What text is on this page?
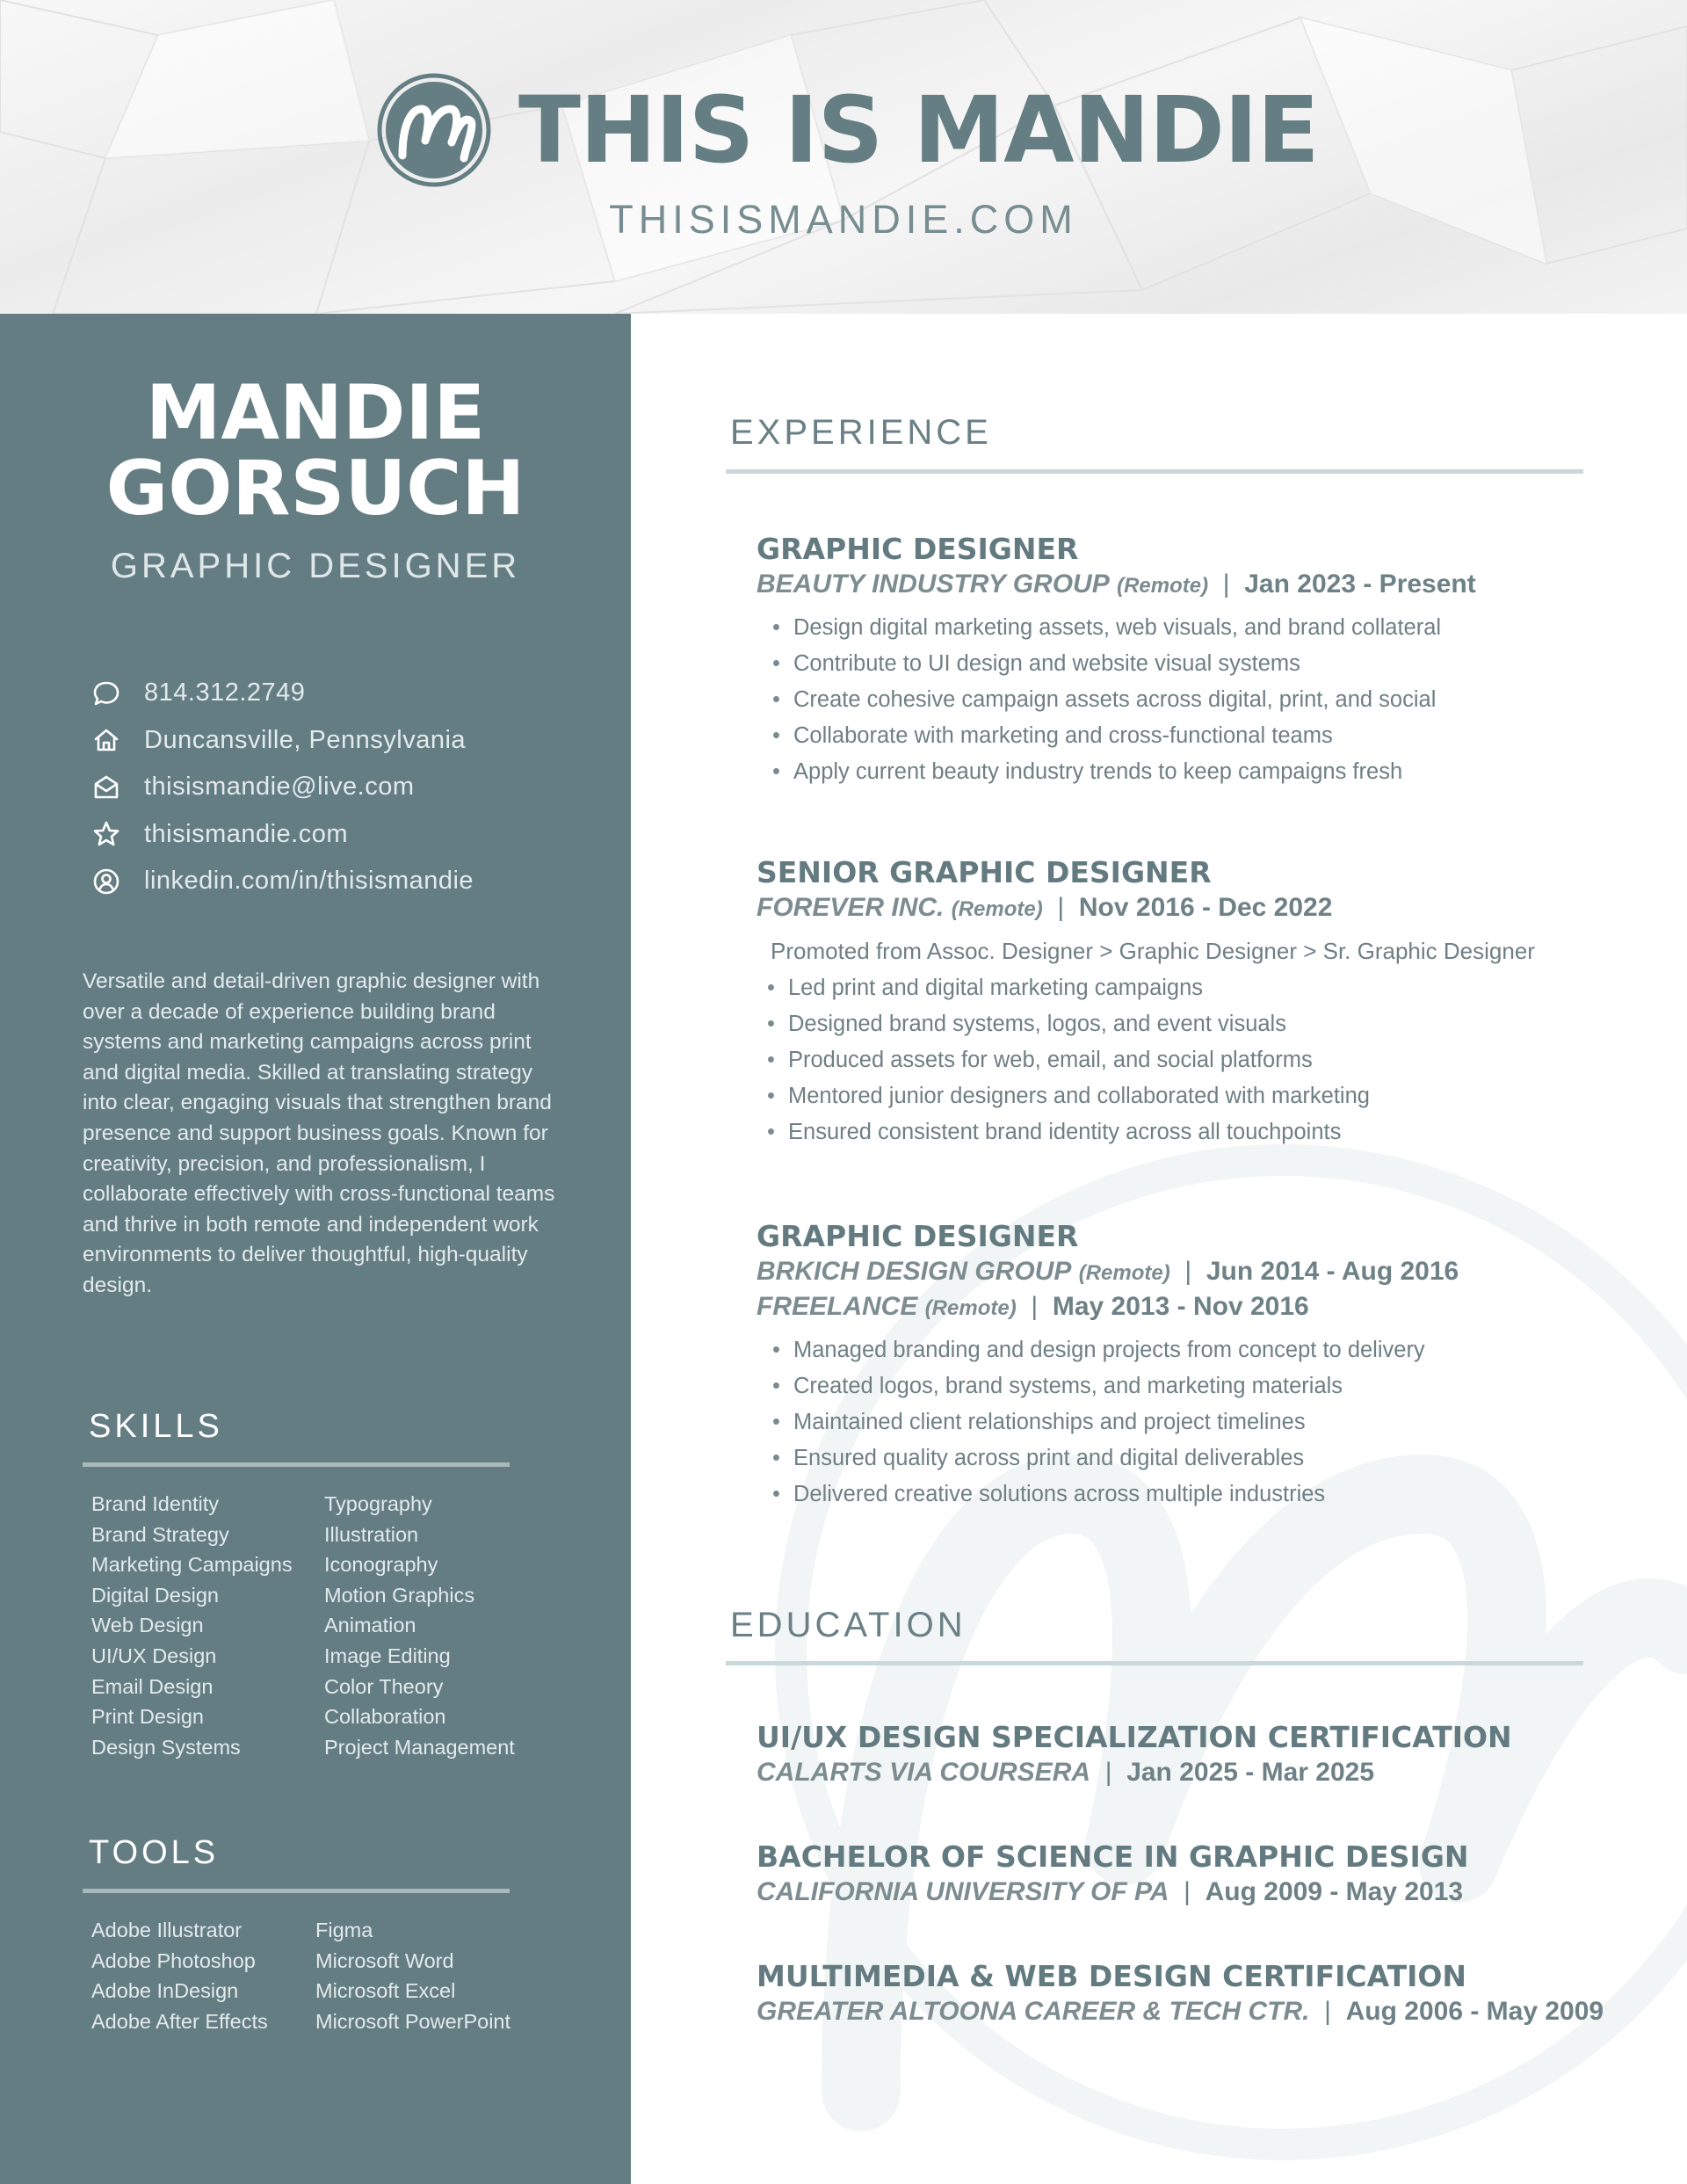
THIS IS MANDIE
THISISMANDIE.COM
MANDIE
GORSUCH
GRAPHIC DESIGNER
814.312.2749
Duncansville, Pennsylvania
thisismandie@live.com
thisismandie.com
linkedin.com/in/thisismandie
Versatile and detail-driven graphic designer with over a decade of experience building brand systems and marketing campaigns across print and digital media. Skilled at translating strategy into clear, engaging visuals that strengthen brand presence and support business goals. Known for creativity, precision, and professionalism, I collaborate effectively with cross-functional teams and thrive in both remote and independent work environments to deliver thoughtful, high-quality design.
SKILLS
Brand Identity
Brand Strategy
Marketing Campaigns
Digital Design
Web Design
UI/UX Design
Email Design
Print Design
Design Systems
Typography
Illustration
Iconography
Motion Graphics
Animation
Image Editing
Color Theory
Collaboration
Project Management
TOOLS
Adobe Illustrator
Adobe Photoshop
Adobe InDesign
Adobe After Effects
Figma
Microsoft Word
Microsoft Excel
Microsoft PowerPoint
EXPERIENCE
GRAPHIC DESIGNER
BEAUTY INDUSTRY GROUP (Remote)  |  Jan 2023 - Present
• Design digital marketing assets, web visuals, and brand collateral
• Contribute to UI design and website visual systems
• Create cohesive campaign assets across digital, print, and social
• Collaborate with marketing and cross-functional teams
• Apply current beauty industry trends to keep campaigns fresh
SENIOR GRAPHIC DESIGNER
FOREVER INC. (Remote)  |  Nov 2016 - Dec 2022
Promoted from Assoc. Designer > Graphic Designer > Sr. Graphic Designer
• Led print and digital marketing campaigns
• Designed brand systems, logos, and event visuals
• Produced assets for web, email, and social platforms
• Mentored junior designers and collaborated with marketing
• Ensured consistent brand identity across all touchpoints
GRAPHIC DESIGNER
BRKICH DESIGN GROUP (Remote)  |  Jun 2014 - Aug 2016
FREELANCE (Remote)  |  May 2013 - Nov 2016
• Managed branding and design projects from concept to delivery
• Created logos, brand systems, and marketing materials
• Maintained client relationships and project timelines
• Ensured quality across print and digital deliverables
• Delivered creative solutions across multiple industries
EDUCATION
UI/UX DESIGN SPECIALIZATION CERTIFICATION
CALARTS VIA COURSERA  |  Jan 2025 - Mar 2025
BACHELOR OF SCIENCE IN GRAPHIC DESIGN
CALIFORNIA UNIVERSITY OF PA  |  Aug 2009 - May 2013
MULTIMEDIA & WEB DESIGN CERTIFICATION
GREATER ALTOONA CAREER & TECH CTR.  |  Aug 2006 - May 2009
